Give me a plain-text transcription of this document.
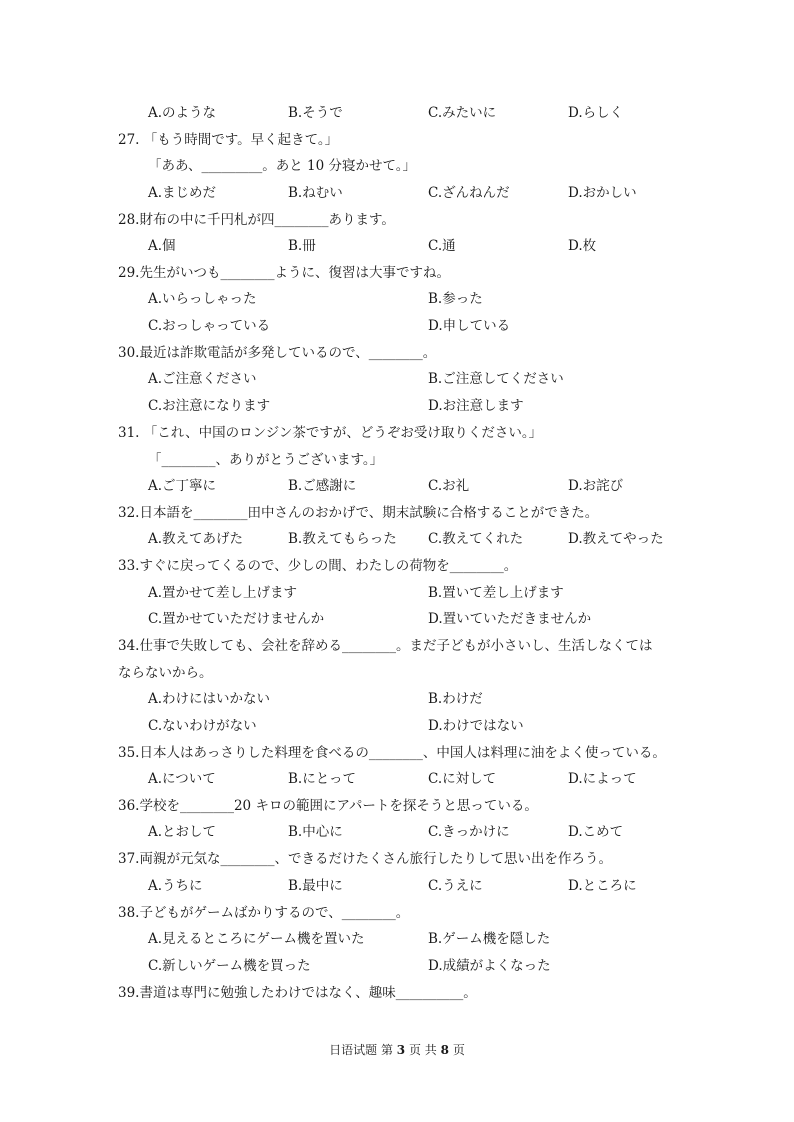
A.のような	B.そうで	C.みたいに	D.らしく
27. 「もう時間です。早く起きて。」
「ああ、_________。あと 10 分寝かせて。」
A.まじめだ	B.ねむい	C.ざんねんだ	D.おかしい
28.財布の中に千円札が四________あります。
A.個	B.冊	C.通	D.枚
29.先生がいつも________ように、復習は大事ですね。
A.いらっしゃった	B.参った
C.おっしゃっている	D.申している
30.最近は詐欺電話が多発しているので、________。
A.ご注意ください	B.ご注意してください
C.お注意になります	D.お注意します
31. 「これ、中国のロンジン茶ですが、どうぞお受け取りください。」
「________、ありがとうございます。」
A.ご丁寧に	B.ご感謝に	C.お礼	D.お詫び
32.日本語を________田中さんのおかげで、期末試験に合格することができた。
A.教えてあげた	B.教えてもらった C.教えてくれた	D.教えてやった
33.すぐに戻ってくるので、少しの間、わたしの荷物を________。
A.置かせて差し上げます	B.置いて差し上げます
C.置かせていただけませんか	D.置いていただきませんか
34.仕事で失敗しても、会社を辞める________。まだ子どもが小さいし、生活しなくては
ならないから。
A.わけにはいかない	B.わけだ
C.ないわけがない	D.わけではない
35.日本人はあっさりした料理を食べるの________、中国人は料理に油をよく使っている。
A.について	B.にとって	C.に対して	D.によって
36.学校を________20 キロの範囲にアパートを探そうと思っている。
A.とおして	B.中心に	C.きっかけに	D.こめて
37.両親が元気な________、できるだけたくさん旅行したりして思い出を作ろう。
A.うちに	B.最中に	C.うえに	D.ところに
38.子どもがゲームばかりするので、________。
A.見えるところにゲーム機を置いた	B.ゲーム機を隠した
C.新しいゲーム機を買った	D.成績がよくなった
39.書道は専門に勉強したわけではなく、趣味__________。
日语试题 第 3 页 共 8 页
